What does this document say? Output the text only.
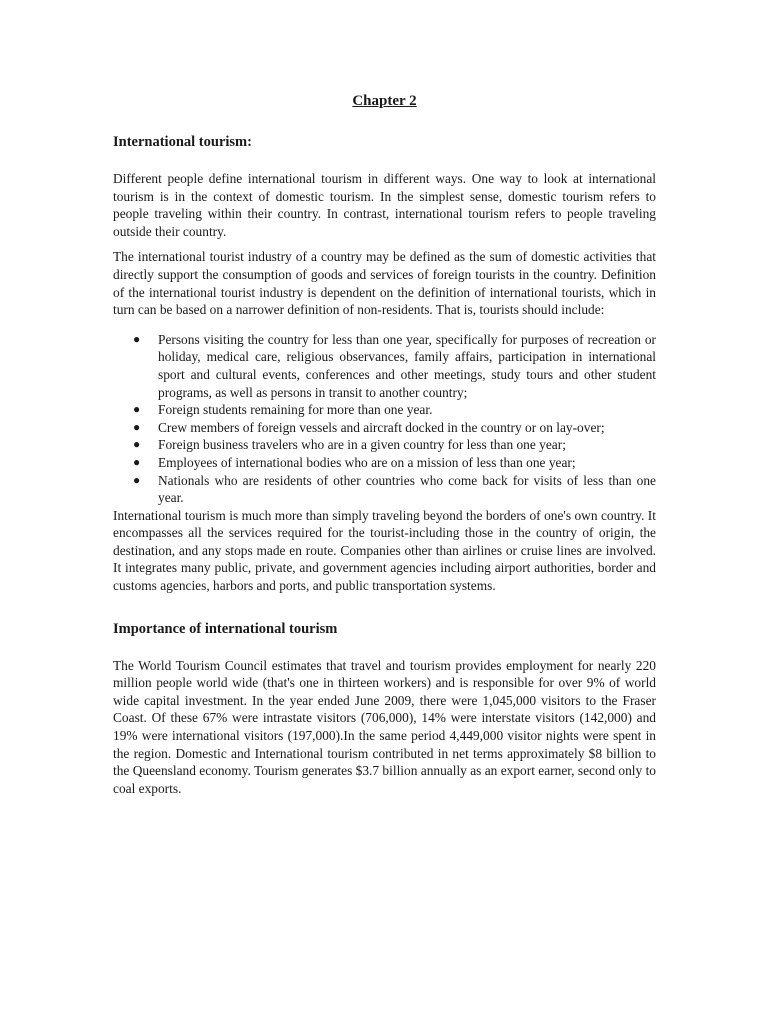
Chapter 2
International tourism:

Different people define international tourism in different ways. One way to look at international tourism is in the context of domestic tourism. In the simplest sense, domestic tourism refers to people traveling within their country. In contrast, international tourism refers to people traveling outside their country.

The international tourist industry of a country may be defined as the sum of domestic activities that directly support the consumption of goods and services of foreign tourists in the country. Definition of the international tourist industry is dependent on the definition of international tourists, which in turn can be based on a narrower definition of non-residents. That is, tourists should include:

● Persons visiting the country for less than one year, specifically for purposes of recreation or holiday, medical care, religious observances, family affairs, participation in international sport and cultural events, conferences and other meetings, study tours and other student programs, as well as persons in transit to another country;
● Foreign students remaining for more than one year.
● Crew members of foreign vessels and aircraft docked in the country or on lay-over;
● Foreign business travelers who are in a given country for less than one year;
● Employees of international bodies who are on a mission of less than one year;
● Nationals who are residents of other countries who come back for visits of less than one year.

International tourism is much more than simply traveling beyond the borders of one's own country. It encompasses all the services required for the tourist-including those in the country of origin, the destination, and any stops made en route. Companies other than airlines or cruise lines are involved. It integrates many public, private, and government agencies including airport authorities, border and customs agencies, harbors and ports, and public transportation systems.

Importance of international tourism

The World Tourism Council estimates that travel and tourism provides employment for nearly 220 million people world wide (that's one in thirteen workers) and is responsible for over 9% of world wide capital investment. In the year ended June 2009, there were 1,045,000 visitors to the Fraser Coast. Of these 67% were intrastate visitors (706,000), 14% were interstate visitors (142,000) and 19% were international visitors (197,000).In the same period 4,449,000 visitor nights were spent in the region. Domestic and International tourism contributed in net terms approximately $8 billion to the Queensland economy. Tourism generates $3.7 billion annually as an export earner, second only to coal exports.
